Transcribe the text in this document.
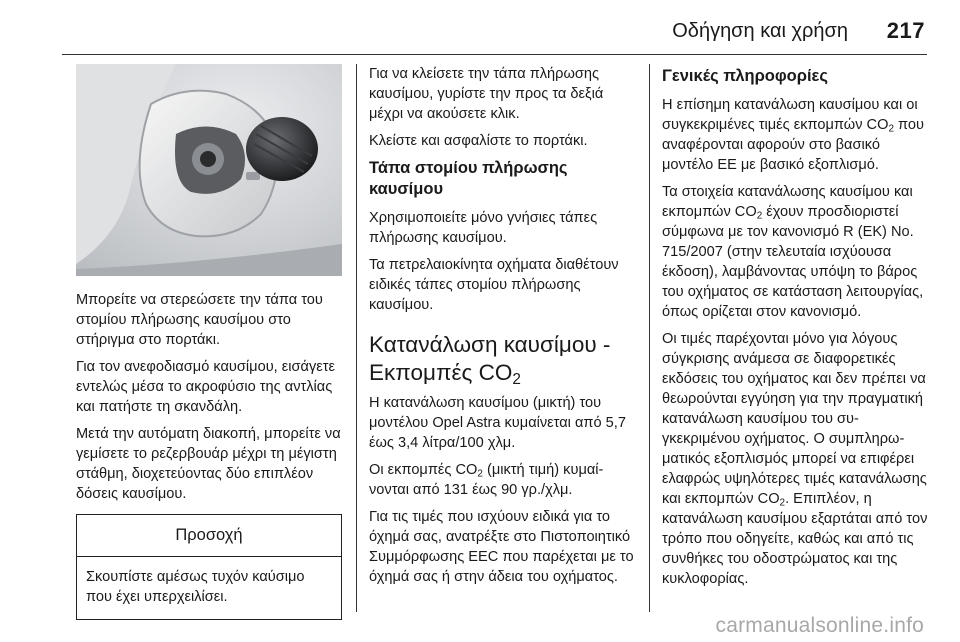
Οδήγηση και χρήση 217

Μπορείτε να στερεώσετε την τάπα του στομίου πλήρωσης καυσίμου στο στήριγμα στο πορτάκι.

Για τον ανεφοδιασμό καυσίμου, εισάγετε εντελώς μέσα το ακροφύσιο της αντλίας και πατήστε τη σκανδάλη.

Μετά την αυτόματη διακοπή, μπορείτε να γεμίσετε το ρεζερβουάρ μέχρι τη μέγιστη στάθμη, διοχετεύοντας δύο επιπλέον δόσεις καυσίμου.

Προσοχή
Σκουπίστε αμέσως τυχόν καύσιμο που έχει υπερχειλίσει.

Για να κλείσετε την τάπα πλήρωσης καυσίμου, γυρίστε την προς τα δεξιά μέχρι να ακούσετε κλικ.

Κλείστε και ασφαλίστε το πορτάκι.

Τάπα στομίου πλήρωσης καυσίμου

Χρησιμοποιείτε μόνο γνήσιες τάπες πλήρωσης καυσίμου.

Τα πετρελαιοκίνητα οχήματα διαθέτουν ειδικές τάπες στομίου πλήρωσης καυσίμου.

Κατανάλωση καυσίμου -
Εκπομπές $CO_2$

Η κατανάλωση καυσίμου (μικτή) του μοντέλου Opel Astra κυμαίνεται από 5,7 έως 3,4 λίτρα/100 χλμ.

Οι εκπομπές $CO_2$ (μικτή τιμή) κυμαίνονται από 131 έως 90 γρ./χλμ.

Για τις τιμές που ισχύουν ειδικά για το όχημά σας, ανατρέξτε στο Πιστοποιητικό Συμμόρφωσης EEC που παρέχεται με το όχημά σας ή στην άδεια του οχήματος.

Γενικές πληροφορίες

Η επίσημη κατανάλωση καυσίμου και οι συγκεκριμένες τιμές εκπομπών $CO_2$ που αναφέρονται αφορούν στο βασικό μοντέλο ΕΕ με βασικό εξοπλισμό.

Τα στοιχεία κατανάλωσης καυσίμου και εκπομπών $CO_2$ έχουν προσδιοριστεί σύμφωνα με τον κανονισμό R (EK) No. 715/2007 (στην τελευταία ισχύουσα έκδοση), λαμβάνοντας υπόψη το βάρος του οχήματος σε κατάσταση λειτουργίας, όπως ορίζεται στον κανονισμό.

Οι τιμές παρέχονται μόνο για λόγους σύγκρισης ανάμεσα σε διαφορετικές εκδόσεις του οχήματος και δεν πρέπει να θεωρούνται εγγύηση για την πραγματική κατανάλωση καυσίμου του συγκεκριμένου οχήματος. Ο συμπληρωματικός εξοπλισμός μπορεί να επιφέρει ελαφρώς υψηλότερες τιμές κατανάλωσης και εκπομπών $CO_2$. Επιπλέον, η κατανάλωση καυσίμου εξαρτάται από τον τρόπο που οδηγείτε, καθώς και από τις συνθήκες του οδοστρώματος και της κυκλοφορίας.

carmanualsonline.info
